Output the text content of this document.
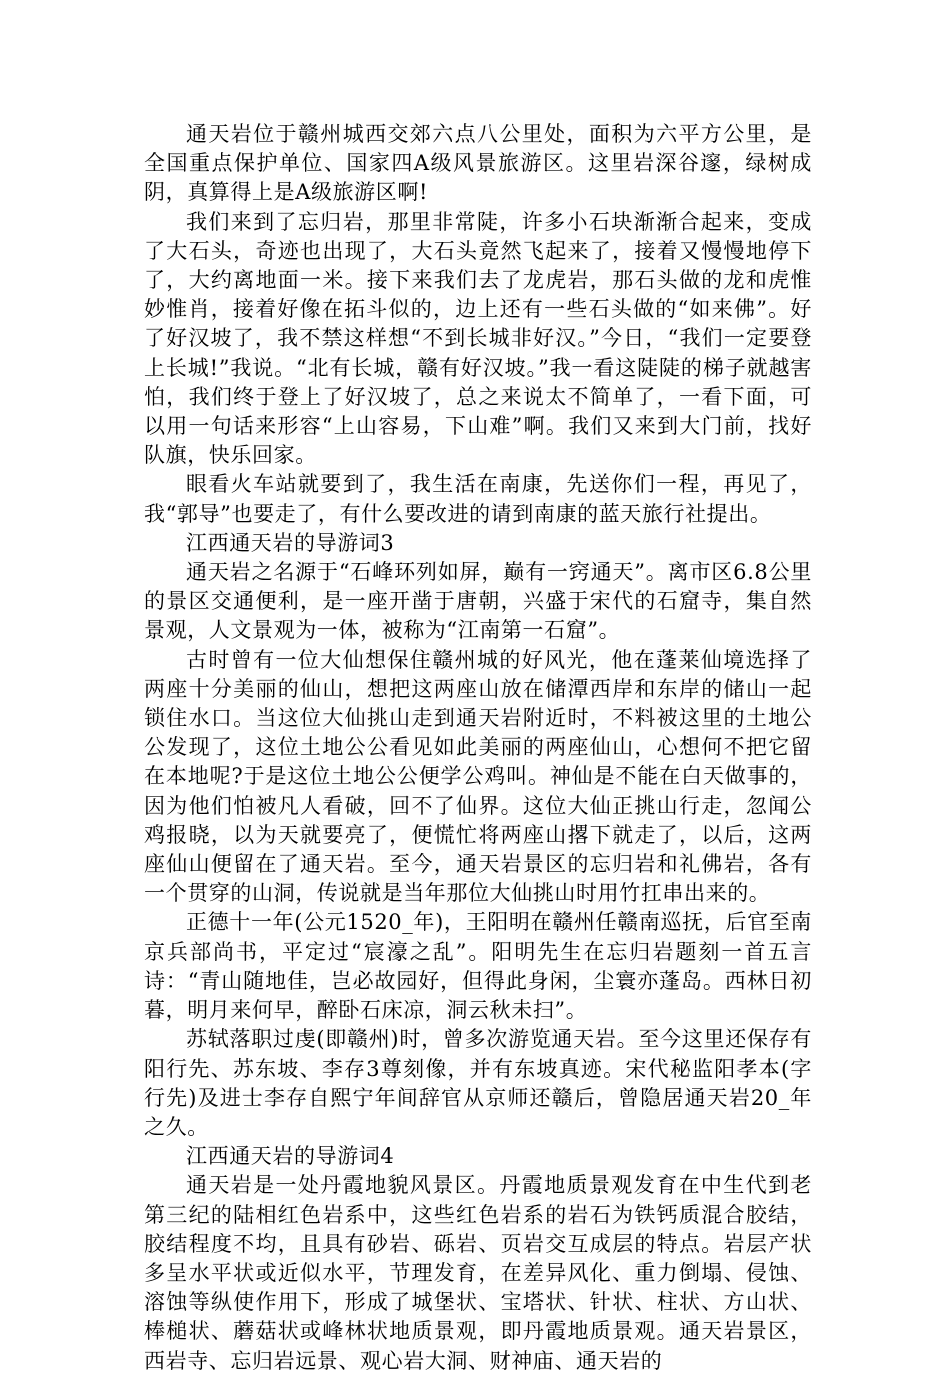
通天岩位于赣州城西交郊六点八公里处，面积为六平方公里，是全国重点保护单位、国家四A级风景旅游区。这里岩深谷邃，绿树成阴，真算得上是A级旅游区啊!

我们来到了忘归岩，那里非常陡，许多小石块渐渐合起来，变成了大石头，奇迹也出现了，大石头竟然飞起来了，接着又慢慢地停下了，大约离地面一米。接下来我们去了龙虎岩，那石头做的龙和虎惟妙惟肖，接着好像在拓斗似的，边上还有一些石头做的“如来佛”。好了好汉坡了，我不禁这样想“不到长城非好汉。”今日，“我们一定要登上长城!”我说。“北有长城，赣有好汉坡。”我一看这陡陡的梯子就越害怕，我们终于登上了好汉坡了，总之来说太不简单了，一看下面，可以用一句话来形容“上山容易，下山难”啊。我们又来到大门前，找好队旗，快乐回家。

眼看火车站就要到了，我生活在南康，先送你们一程，再见了，我“郭导”也要走了，有什么要改进的请到南康的蓝天旅行社提出。

江西通天岩的导游词3

通天岩之名源于“石峰环列如屏，巅有一窍通天”。离市区6.8公里的景区交通便利，是一座开凿于唐朝，兴盛于宋代的石窟寺，集自然景观，人文景观为一体，被称为“江南第一石窟”。

古时曾有一位大仙想保住赣州城的好风光，他在蓬莱仙境选择了两座十分美丽的仙山，想把这两座山放在储潭西岸和东岸的储山一起锁住水口。当这位大仙挑山走到通天岩附近时，不料被这里的土地公公发现了，这位土地公公看见如此美丽的两座仙山，心想何不把它留在本地呢?于是这位土地公公便学公鸡叫。神仙是不能在白天做事的，因为他们怕被凡人看破，回不了仙界。这位大仙正挑山行走，忽闻公鸡报晓，以为天就要亮了，便慌忙将两座山撂下就走了，以后，这两座仙山便留在了通天岩。至今，通天岩景区的忘归岩和礼佛岩，各有一个贯穿的山洞，传说就是当年那位大仙挑山时用竹扛串出来的。

正德十一年(公元1520_年)，王阳明在赣州任赣南巡抚，后官至南京兵部尚书，平定过“宸濠之乱”。阳明先生在忘归岩题刻一首五言诗：“青山随地佳，岂必故园好，但得此身闲，尘寰亦蓬岛。西林日初暮，明月来何早，醉卧石床凉，洞云秋未扫”。

苏轼落职过虔(即赣州)时，曾多次游览通天岩。至今这里还保存有阳行先、苏东坡、李存3尊刻像，并有东坡真迹。宋代秘监阳孝本(字行先)及进士李存自熙宁年间辞官从京师还赣后，曾隐居通天岩20_年之久。

江西通天岩的导游词4

通天岩是一处丹霞地貌风景区。丹霞地质景观发育在中生代到老第三纪的陆相红色岩系中，这些红色岩系的岩石为铁钙质混合胶结，胶结程度不均，且具有砂岩、砾岩、页岩交互成层的特点。岩层产状多呈水平状或近似水平，节理发育，在差异风化、重力倒塌、侵蚀、溶蚀等纵使作用下，形成了城堡状、宝塔状、针状、柱状、方山状、棒槌状、蘑菇状或峰林状地质景观，即丹霞地质景观。通天岩景区，西岩寺、忘归岩远景、观心岩大洞、财神庙、通天岩的
